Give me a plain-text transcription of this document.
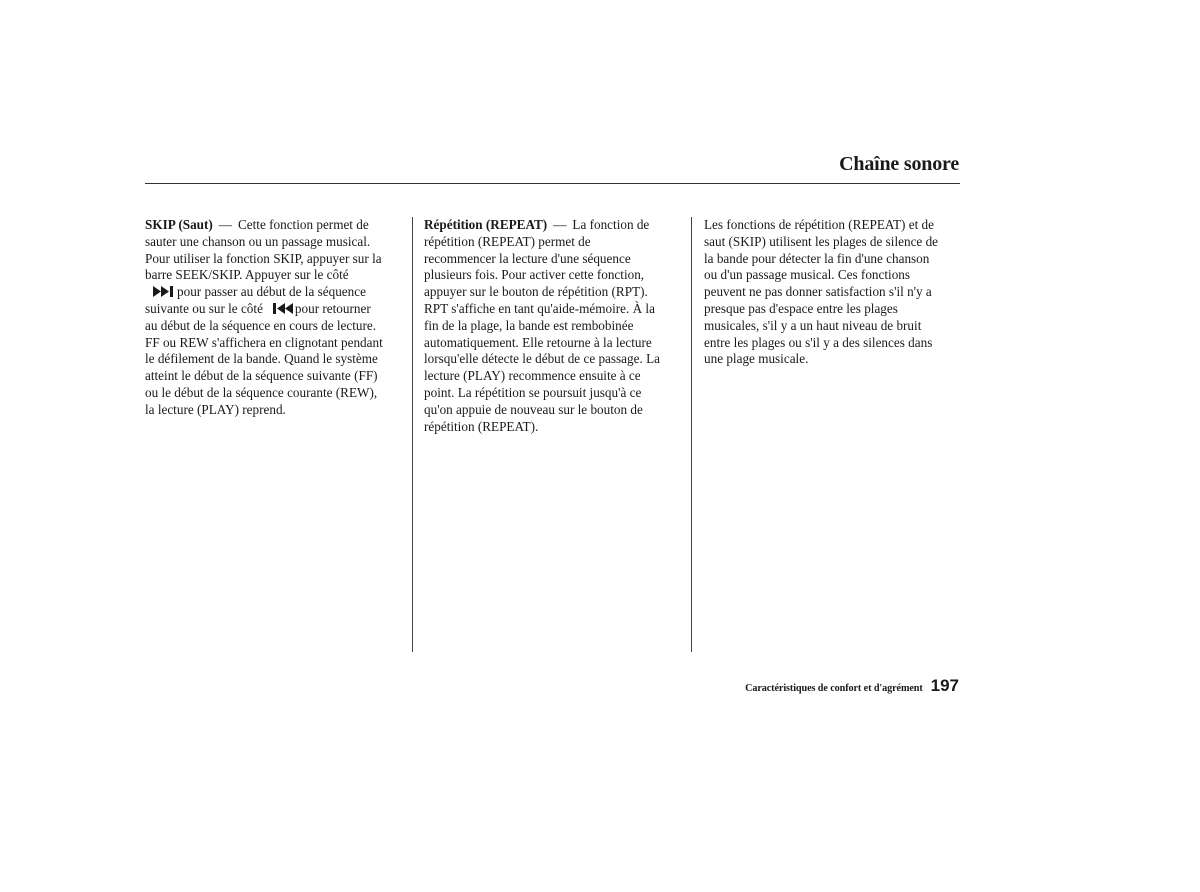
Chaîne sonore
SKIP (Saut) — Cette fonction permet de
sauter une chanson ou un passage musical.
Pour utiliser la fonction SKIP, appuyer sur la
barre SEEK/SKIP. Appuyer sur le côté
pour passer au début de la séquence
suivante ou sur le côté pour retourner
au début de la séquence en cours de lecture.
FF ou REW s'affichera en clignotant pendant
le défilement de la bande. Quand le système
atteint le début de la séquence suivante (FF)
ou le début de la séquence courante (REW),
la lecture (PLAY) reprend.
Répétition (REPEAT) — La fonction de
répétition (REPEAT) permet de
recommencer la lecture d'une séquence
plusieurs fois. Pour activer cette fonction,
appuyer sur le bouton de répétition (RPT).
RPT s'affiche en tant qu'aide-mémoire. À la
fin de la plage, la bande est rembobinée
automatiquement. Elle retourne à la lecture
lorsqu'elle détecte le début de ce passage. La
lecture (PLAY) recommence ensuite à ce
point. La répétition se poursuit jusqu'à ce
qu'on appuie de nouveau sur le bouton de
répétition (REPEAT).
Les fonctions de répétition (REPEAT) et de
saut (SKIP) utilisent les plages de silence de
la bande pour détecter la fin d'une chanson
ou d'un passage musical. Ces fonctions
peuvent ne pas donner satisfaction s'il n'y a
presque pas d'espace entre les plages
musicales, s'il y a un haut niveau de bruit
entre les plages ou s'il y a des silences dans
une plage musicale.
Caractéristiques de confort et d'agrément 197
